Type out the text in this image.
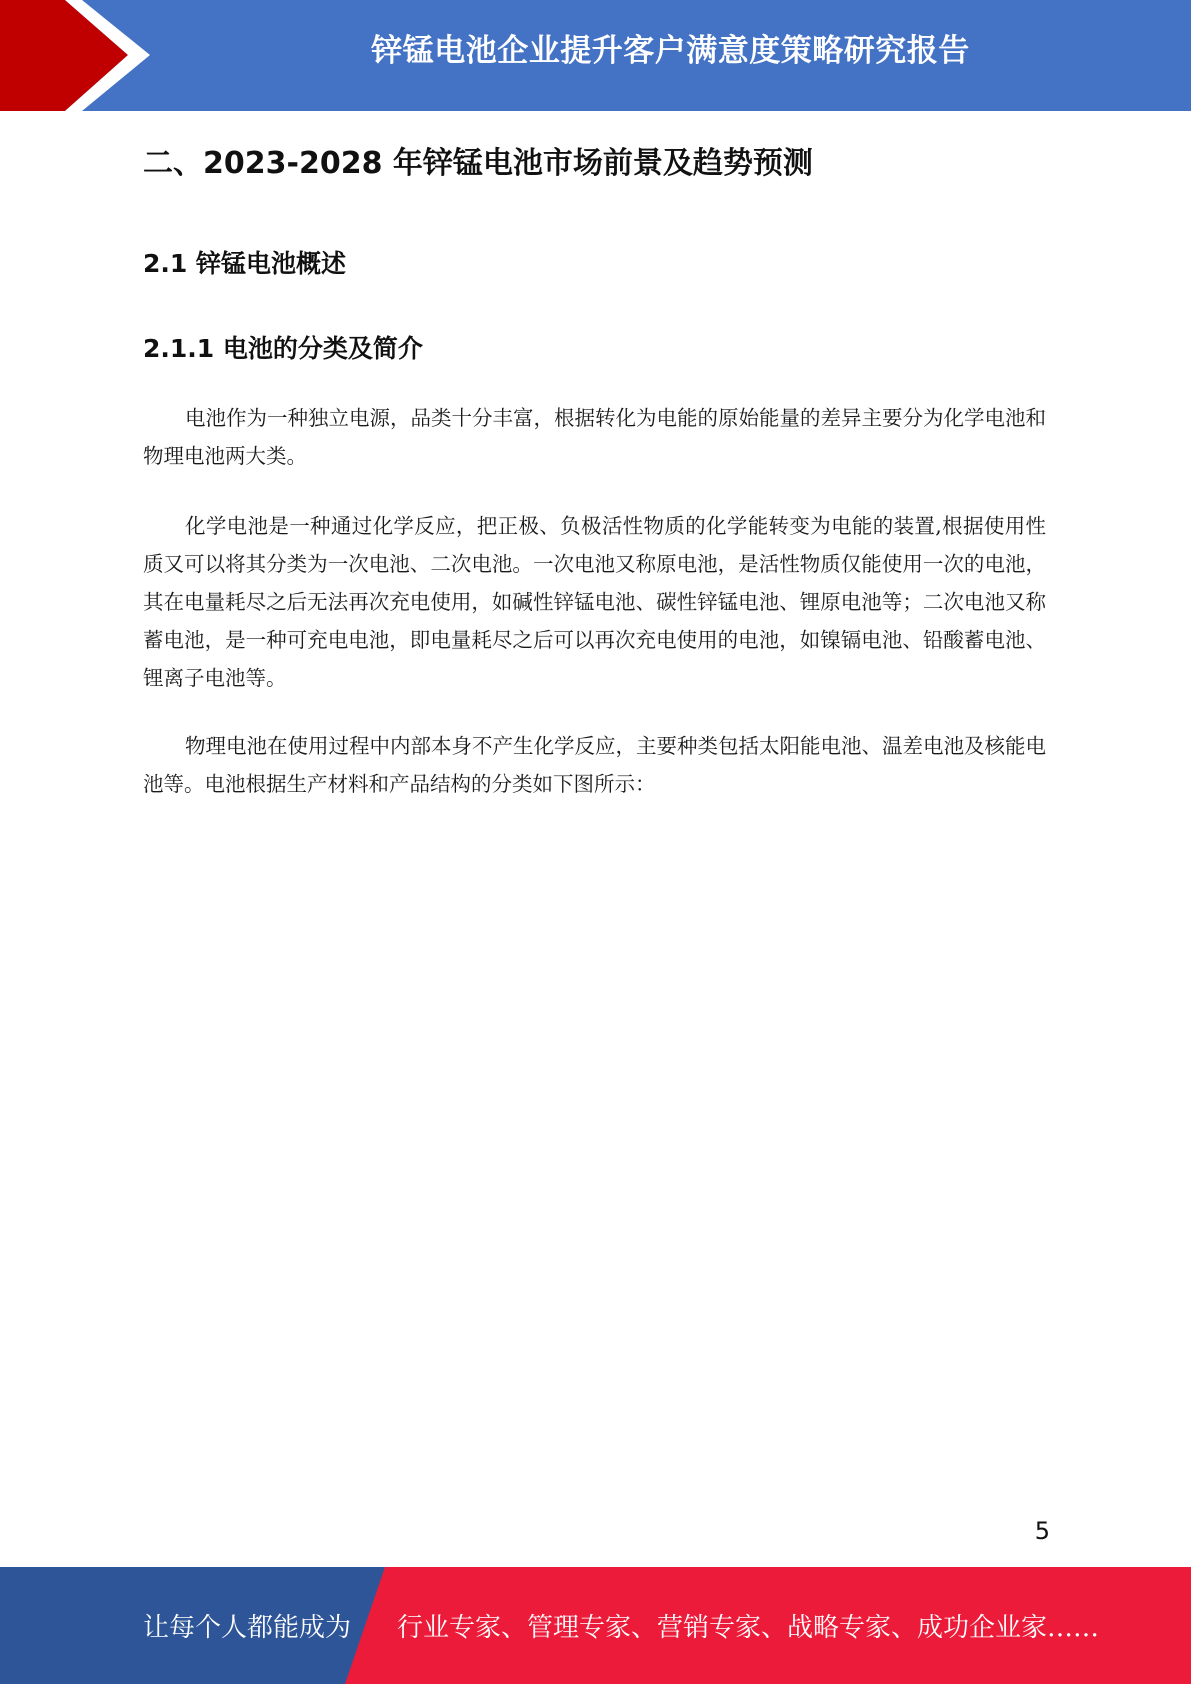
锌锰电池企业提升客户满意度策略研究报告
二、2023-2028 年锌锰电池市场前景及趋势预测
2.1 锌锰电池概述
2.1.1 电池的分类及简介

电池作为一种独立电源，品类十分丰富，根据转化为电能的原始能量的差异主要分为化学电池和物理电池两大类。

化学电池是一种通过化学反应，把正极、负极活性物质的化学能转变为电能的装置,根据使用性质又可以将其分类为一次电池、二次电池。一次电池又称原电池，是活性物质仅能使用一次的电池，其在电量耗尽之后无法再次充电使用，如碱性锌锰电池、碳性锌锰电池、锂原电池等；二次电池又称蓄电池，是一种可充电电池，即电量耗尽之后可以再次充电使用的电池，如镍镉电池、铅酸蓄电池、锂离子电池等。

物理电池在使用过程中内部本身不产生化学反应，主要种类包括太阳能电池、温差电池及核能电池等。电池根据生产材料和产品结构的分类如下图所示：

5
让每个人都能成为 行业专家、管理专家、营销专家、战略专家、成功企业家……
